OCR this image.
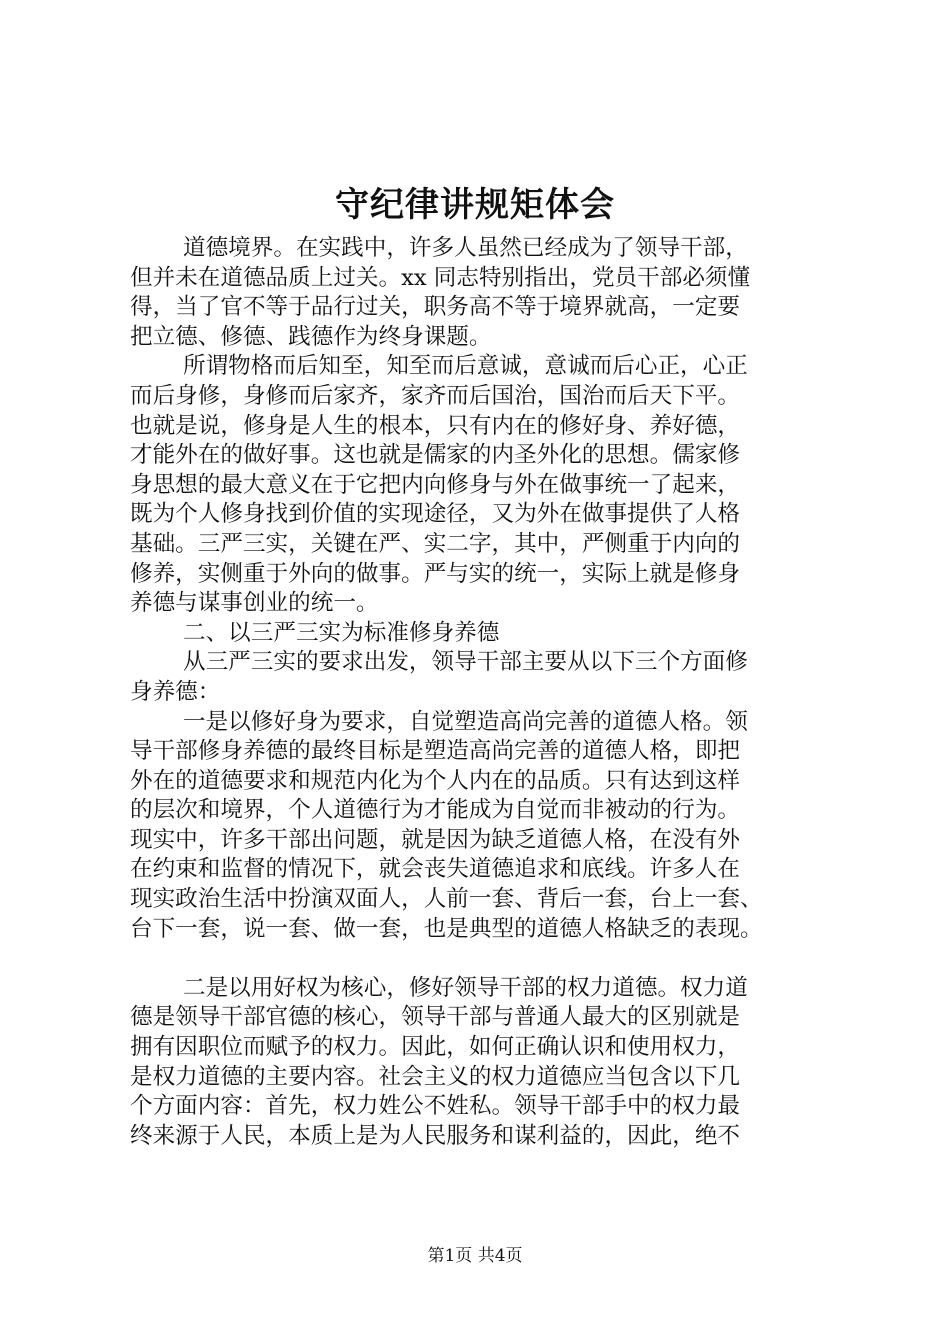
守纪律讲规矩体会
道德境界。在实践中，许多人虽然已经成为了领导干部，
但并未在道德品质上过关。xx 同志特别指出，党员干部必须懂
得，当了官不等于品行过关，职务高不等于境界就高，一定要
把立德、修德、践德作为终身课题。
所谓物格而后知至，知至而后意诚，意诚而后心正，心正
而后身修，身修而后家齐，家齐而后国治，国治而后天下平。
也就是说，修身是人生的根本，只有内在的修好身、养好德，
才能外在的做好事。这也就是儒家的内圣外化的思想。儒家修
身思想的最大意义在于它把内向修身与外在做事统一了起来，
既为个人修身找到价值的实现途径，又为外在做事提供了人格
基础。三严三实，关键在严、实二字，其中，严侧重于内向的
修养，实侧重于外向的做事。严与实的统一，实际上就是修身
养德与谋事创业的统一。
二、以三严三实为标准修身养德
从三严三实的要求出发，领导干部主要从以下三个方面修
身养德：
一是以修好身为要求，自觉塑造高尚完善的道德人格。领
导干部修身养德的最终目标是塑造高尚完善的道德人格，即把
外在的道德要求和规范内化为个人内在的品质。只有达到这样
的层次和境界，个人道德行为才能成为自觉而非被动的行为。
现实中，许多干部出问题，就是因为缺乏道德人格，在没有外
在约束和监督的情况下，就会丧失道德追求和底线。许多人在
现实政治生活中扮演双面人，人前一套、背后一套，台上一套、
台下一套，说一套、做一套，也是典型的道德人格缺乏的表现。
二是以用好权为核心，修好领导干部的权力道德。权力道
德是领导干部官德的核心，领导干部与普通人最大的区别就是
拥有因职位而赋予的权力。因此，如何正确认识和使用权力，
是权力道德的主要内容。社会主义的权力道德应当包含以下几
个方面内容：首先，权力姓公不姓私。领导干部手中的权力最
终来源于人民，本质上是为人民服务和谋利益的，因此，绝不
第1页 共4页
